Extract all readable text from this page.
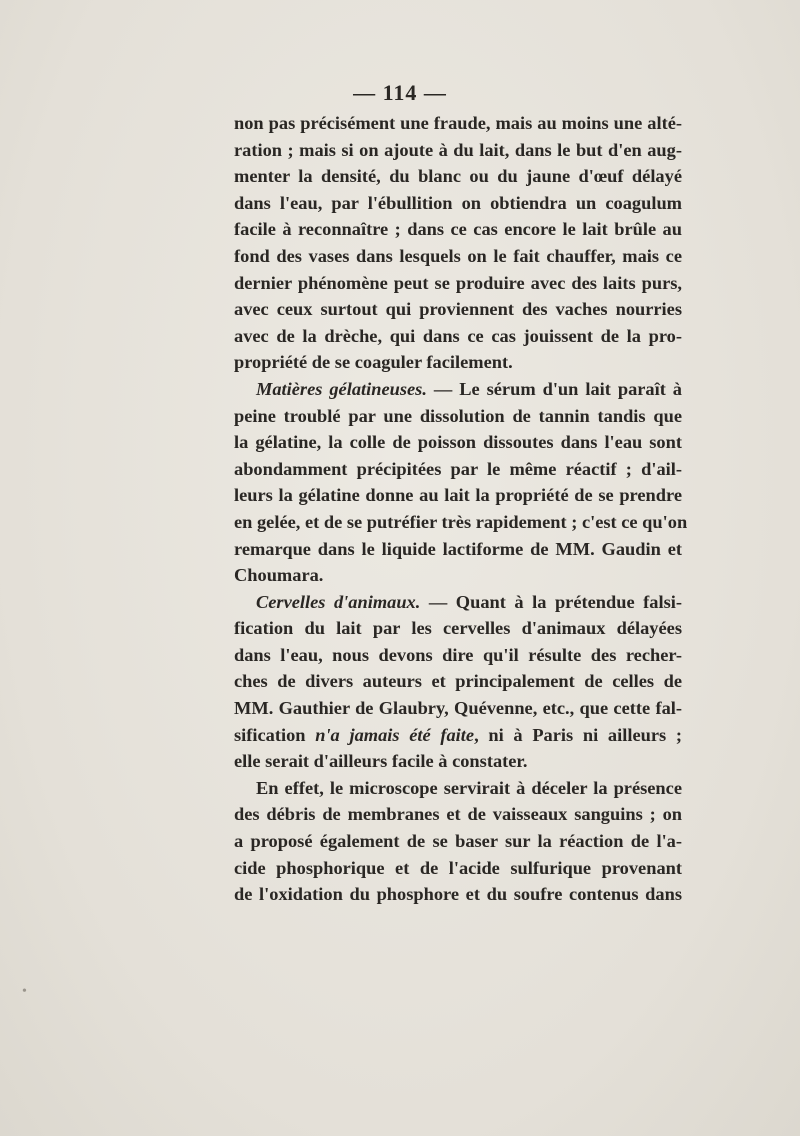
— 114 —
non pas précisément une fraude, mais au moins une alté-
ration ; mais si on ajoute à du lait, dans le but d'en aug-
menter la densité, du blanc ou du jaune d'œuf délayé
dans l'eau, par l'ébullition on obtiendra un coagulum
facile à reconnaître ; dans ce cas encore le lait brûle au
fond des vases dans lesquels on le fait chauffer, mais ce
dernier phénomène peut se produire avec des laits purs,
avec ceux surtout qui proviennent des vaches nourries
avec de la drèche, qui dans ce cas jouissent de la pro-
propriété de se coaguler facilement.
Matières gélatineuses. — Le sérum d'un lait paraît à
peine troublé par une dissolution de tannin tandis que
la gélatine, la colle de poisson dissoutes dans l'eau sont
abondamment précipitées par le même réactif ; d'ail-
leurs la gélatine donne au lait la propriété de se prendre
en gelée, et de se putréfier très rapidement ; c'est ce qu'on
remarque dans le liquide lactiforme de MM. Gaudin et
Choumara.
Cervelles d'animaux. — Quant à la prétendue falsi-
fication du lait par les cervelles d'animaux délayées
dans l'eau, nous devons dire qu'il résulte des recher-
ches de divers auteurs et principalement de celles de
MM. Gauthier de Glaubry, Quévenne, etc., que cette fal-
sification n'a jamais été faite, ni à Paris ni ailleurs ;
elle serait d'ailleurs facile à constater.
En effet, le microscope servirait à déceler la présence
des débris de membranes et de vaisseaux sanguins ; on
a proposé également de se baser sur la réaction de l'a-
cide phosphorique et de l'acide sulfurique provenant
de l'oxidation du phosphore et du soufre contenus dans
•
